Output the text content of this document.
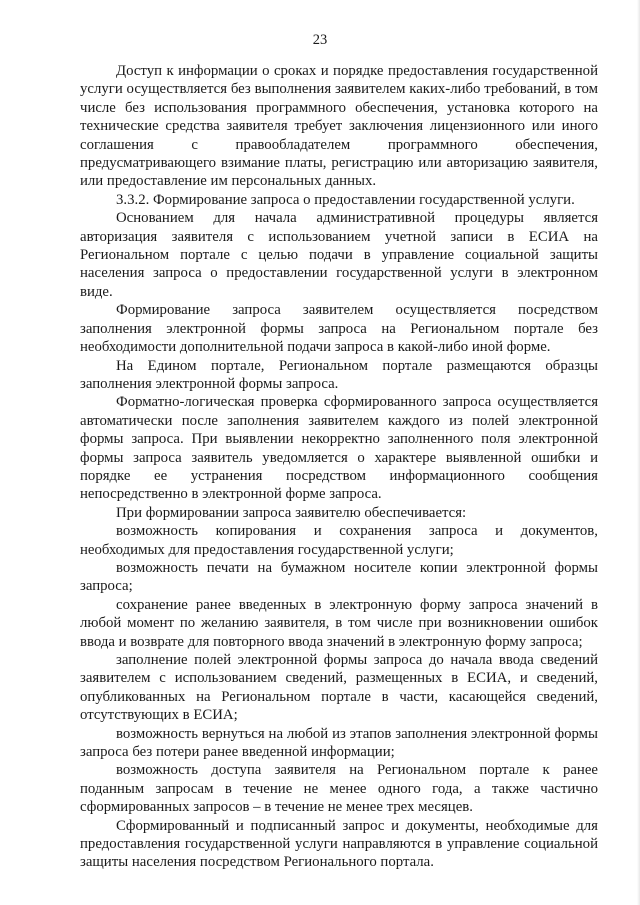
23

Доступ к информации о сроках и порядке предоставления государственной услуги осуществляется без выполнения заявителем каких-либо требований, в том числе без использования программного обеспечения, установка которого на технические средства заявителя требует заключения лицензионного или иного соглашения с правообладателем программного обеспечения, предусматривающего взимание платы, регистрацию или авторизацию заявителя, или предоставление им персональных данных.

3.3.2. Формирование запроса о предоставлении государственной услуги.

Основанием для начала административной процедуры является авторизация заявителя с использованием учетной записи в ЕСИА на Региональном портале с целью подачи в управление социальной защиты населения запроса о предоставлении государственной услуги в электронном виде.

Формирование запроса заявителем осуществляется посредством заполнения электронной формы запроса на Региональном портале без необходимости дополнительной подачи запроса в какой-либо иной форме.

На Едином портале, Региональном портале размещаются образцы заполнения электронной формы запроса.

Форматно-логическая проверка сформированного запроса осуществляется автоматически после заполнения заявителем каждого из полей электронной формы запроса. При выявлении некорректно заполненного поля электронной формы запроса заявитель уведомляется о характере выявленной ошибки и порядке ее устранения посредством информационного сообщения непосредственно в электронной форме запроса.

При формировании запроса заявителю обеспечивается:

возможность копирования и сохранения запроса и документов, необходимых для предоставления государственной услуги;

возможность печати на бумажном носителе копии электронной формы запроса;

сохранение ранее введенных в электронную форму запроса значений в любой момент по желанию заявителя, в том числе при возникновении ошибок ввода и возврате для повторного ввода значений в электронную форму запроса;

заполнение полей электронной формы запроса до начала ввода сведений заявителем с использованием сведений, размещенных в ЕСИА, и сведений, опубликованных на Региональном портале в части, касающейся сведений, отсутствующих в ЕСИА;

возможность вернуться на любой из этапов заполнения электронной формы запроса без потери ранее введенной информации;

возможность доступа заявителя на Региональном портале к ранее поданным запросам в течение не менее одного года, а также частично сформированных запросов – в течение не менее трех месяцев.

Сформированный и подписанный запрос и документы, необходимые для предоставления государственной услуги направляются в управление социальной защиты населения посредством Регионального портала.
